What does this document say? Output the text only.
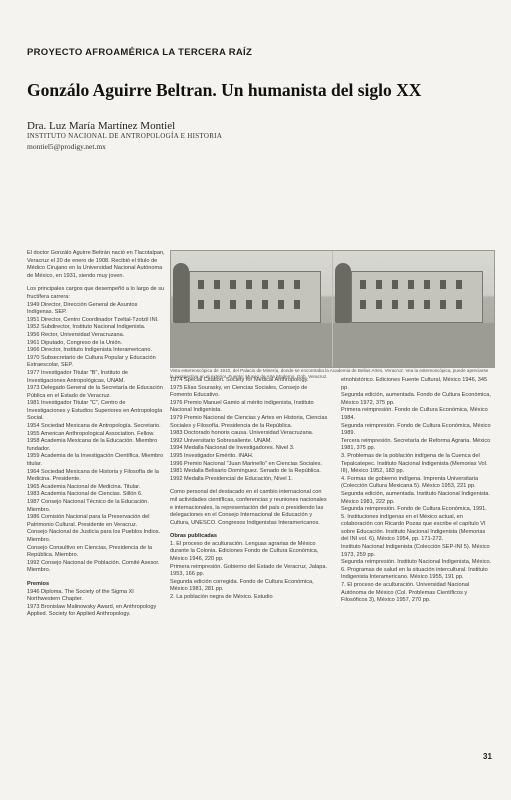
PROYECTO AFROAMÉRICA LA TERCERA RAÍZ
Gonzálo Aguirre Beltran. Un humanista del siglo XX
Dra. Luz María Martínez Montiel
INSTITUTO NACIONAL DE ANTROPOLOGÍA E HISTORIA
montiel5@prodigy.net.mx

El doctor Gonzálo Aguirre Beltrán nació en Tlacotalpan, Veracruz el 20 de enero de 1908. Recibió el título de Médico Cirujano en la Universidad Nacional Autónoma de México, en 1931, siendo muy joven.

Los principales cargos que desempeñó a lo largo de su fructífera carrera:

1949 Director, Dirección General de Asuntos Indígenas. SEP.

1951 Director, Centro Coordinador Tzeltal-Tzotzil INI.

1952 Subdirector, Instituto Nacional Indigenista.

1956 Rector, Universidad Veracruzana.

1961 Diputado, Congreso de la Unión.

1966 Director, Instituto Indigenista Interamericano.

1970 Subsecretario de Cultura Popular y Educación Extraescolar, SEP.

1977 Investigador Titular "B", Instituto de Investigaciones Antropológicas, UNAM.

1973 Delegado General de la Secretaría de Educación Pública en el Estado de Veracruz.

1981 Investigador Titular "C", Centro de Investigaciones y Estudios Superiores en Antropología Social.

1954 Sociedad Mexicana de Antropología. Secretario.

1955 American Anthropological Association. Fellow.

1958 Academia Mexicana de la Educación. Miembro fundador.

1959 Academia de la Investigación Científica. Miembro titular.

1964 Sociedad Mexicana de Historia y Filosofía de la Medicina. Presidente.

1965 Academia Nacional de Medicina. Titular.

1983 Academia Nacional de Ciencias. Sillón 6.

1987 Consejo Nacional Técnico de la Educación. Miembro.

1986 Comisión Nacional para la Preservación del Patrimonio Cultural. Presidente en Veracruz.

Consejo Nacional de Justicia para los Pueblos Indios. Miembro.

Consejo Consultivo en Ciencias, Presidencia de la República. Miembro.

1992 Consejo Nacional de Población. Comité Asesor. Miembro.

Premios

1946 Diploma. The Society of the Sigma XI Northwestern Chapter.

1973 Bronislaw Malinowsky Award, en Anthropology Applied. Society for Applied Anthropology.

Vista estereoscópica de 1910, del Palacio de Minería, donde se encontraba la Academia de Bellas Artes, Veracruz. Vea la estereoscópica, puede apreciarse la perspectiva en el exterior. Fuente: Museo de Arte Moderno, Gob. Veracruz.

1974 Special Citation. Society for Medical Anthropology.

1975 Elías Sourasky, en Ciencias Sociales, Consejo de Fomento Educativo.

1976 Premio Manuel Gamio al mérito indigenista, Instituto Nacional Indigenista.

1979 Premio Nacional de Ciencias y Artes en Historia, Ciencias Sociales y Filosofía. Presidencia de la República.

1983 Doctorado honoris causa. Universidad Veracruzana.

1992 Universitario Sobresaliente. UNAM.

1994 Medalla Nacional de Investigadores. Nivel 3.

1995 Investigador Emérito. INAH.

1996 Premio Nacional "Juan Marinello" en Ciencias Sociales.

1981 Medalla Belisario Domínguez. Senado de la República.

1992 Medalla Presidencial de Educación, Nivel 1.

Como personal del destacado en el cambio internacional con mil actividades científicas, conferencias y reuniones nacionales e internacionales, la representación del país o presidiendo las delegaciones en el Consejo Internacional de Educación y Cultura, UNESCO. Congresos Indigenistas Interamericanos.

Obras publicadas

1. El proceso de aculturación. Lenguas agrarias de México durante la Colonia. Ediciones Fondo de Cultura Económica, México 1946, 220 pp.

Primera reimpresión. Gobierno del Estado de Veracruz, Jalapa. 1953, 166 pp.

Segunda edición corregida. Fondo de Cultura Económica, México 1981, 281 pp.

2. La población negra de México. Estudio

etnohistórico. Ediciones Fuente Cultural, México 1946, 345 pp.

Segunda edición, aumentada. Fondo de Cultura Económica, México 1972, 375 pp.

Primera reimpresión. Fondo de Cultura Económica, México 1984.

Segunda reimpresión. Fondo de Cultura Económica, México 1989.

Tercera reimpresión. Secretaría de Reforma Agraria. México 1981, 375 pp.

3. Problemas de la población indígena de la Cuenca del Tepalcatepec. Instituto Nacional Indigenista (Memorias Vol. III), México 1952, 183 pp.

4. Formas de gobierno indígena. Imprenta Universitaria (Colección Cultura Mexicana 5). México 1953, 221 pp.

Segunda edición, aumentada. Instituto Nacional Indigenista. México 1981, 222 pp.

Segunda reimpresión. Fondo de Cultura Económica, 1991.

5. Instituciones indígenas en el México actual, en colaboración con Ricardo Pozas que escribe el capítulo VI sobre Educación. Instituto Nacional Indigenista (Memorias del INI vol. 6), México 1954, pp. 171-272.

Instituto Nacional Indigenista (Colección SEP-INI 5). México 1973, 259 pp.

Segunda reimpresión. Instituto Nacional Indigenista, México.

6. Programas de salud en la situación intercultural. Instituto Indigenista Interamericano. México 1955, 191 pp.

7. El proceso de aculturación. Universidad Nacional Autónoma de México (Col. Problemas Científicos y Filosóficos 3), México 1957, 270 pp.

31
